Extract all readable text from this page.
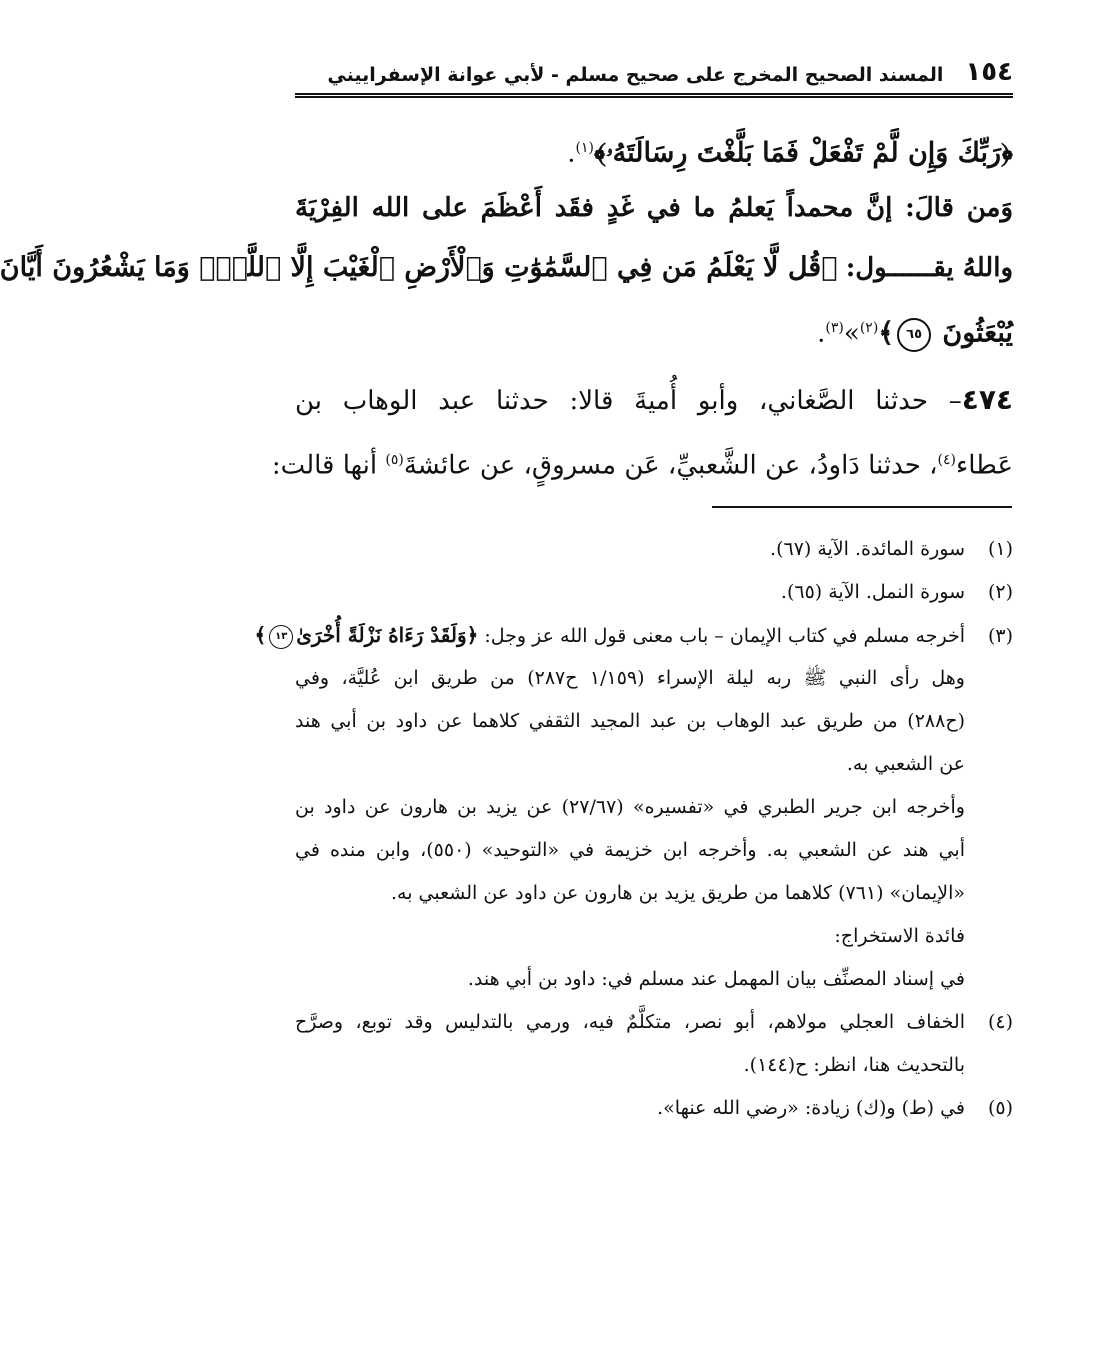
١٥٤
المسند الصحيح المخرج على صحيح مسلم - لأبي عوانة الإسفراييني
﴿رَبِّكَ وَإِن لَّمْ تَفْعَلْ فَمَا بَلَّغْتَ رِسَالَتَهُۥ﴾$^{(١)}$.
وَمن قالَ: إنَّ محمداً يَعلمُ ما في غَدٍ فقَد أَعْظَمَ على الله الفِرْيَةَ
واللهُ يقــــــول: ﴿قُل لَّا يَعْلَمُ مَن فِي ٱلسَّمَٰوَٰتِ وَٱلْأَرْضِ ٱلْغَيْبَ إِلَّا ٱللَّهُۚ وَمَا يَشْعُرُونَ أَيَّانَ
يُبْعَثُونَ ٦٥﴾$^{(٢)}$»$^{(٣)}$.
٤٧٤– حدثنا الصَّغاني، وأبو أُميةَ قالا: حدثنا عبد الوهاب بن
عَطاء$^{(٤)}$، حدثنا دَاودُ، عن الشَّعبيِّ، عَن مسروقٍ، عن عائشةَ$^{(٥)}$ أنها قالت:
(١)سورة المائدة. الآية (٦٧).
(٢)سورة النمل. الآية (٦٥).
(٣)أخرجه مسلم في كتاب الإيمان – باب معنى قول الله عز وجل: ﴿وَلَقَدْ رَءَاهُ نَزْلَةً أُخْرَىٰ١٣﴾
وهل رأى النبي ﷺ ربه ليلة الإسراء (١/١٥٩ ح٢٨٧) من طريق ابن عُليَّة، وفي
(ح٢٨٨) من طريق عبد الوهاب بن عبد المجيد الثقفي كلاهما عن داود بن أبي هند
عن الشعبي به.
وأخرجه ابن جرير الطبري في «تفسيره» (٢٧/٦٧) عن يزيد بن هارون عن داود بن
أبي هند عن الشعبي به. وأخرجه ابن خزيمة في «التوحيد» (٥٥٠)، وابن منده في
«الإيمان» (٧٦١) كلاهما من طريق يزيد بن هارون عن داود عن الشعبي به.
فائدة الاستخراج:
في إسناد المصنِّف بيان المهمل عند مسلم في: داود بن أبي هند.
(٤)الخفاف العجلي مولاهم، أبو نصر، متكلَّمٌ فيه، ورمي بالتدليس وقد توبع، وصرَّح
بالتحديث هنا، انظر: ح(١٤٤).
(٥)في (ط) و(ك) زيادة: «رضي الله عنها».
